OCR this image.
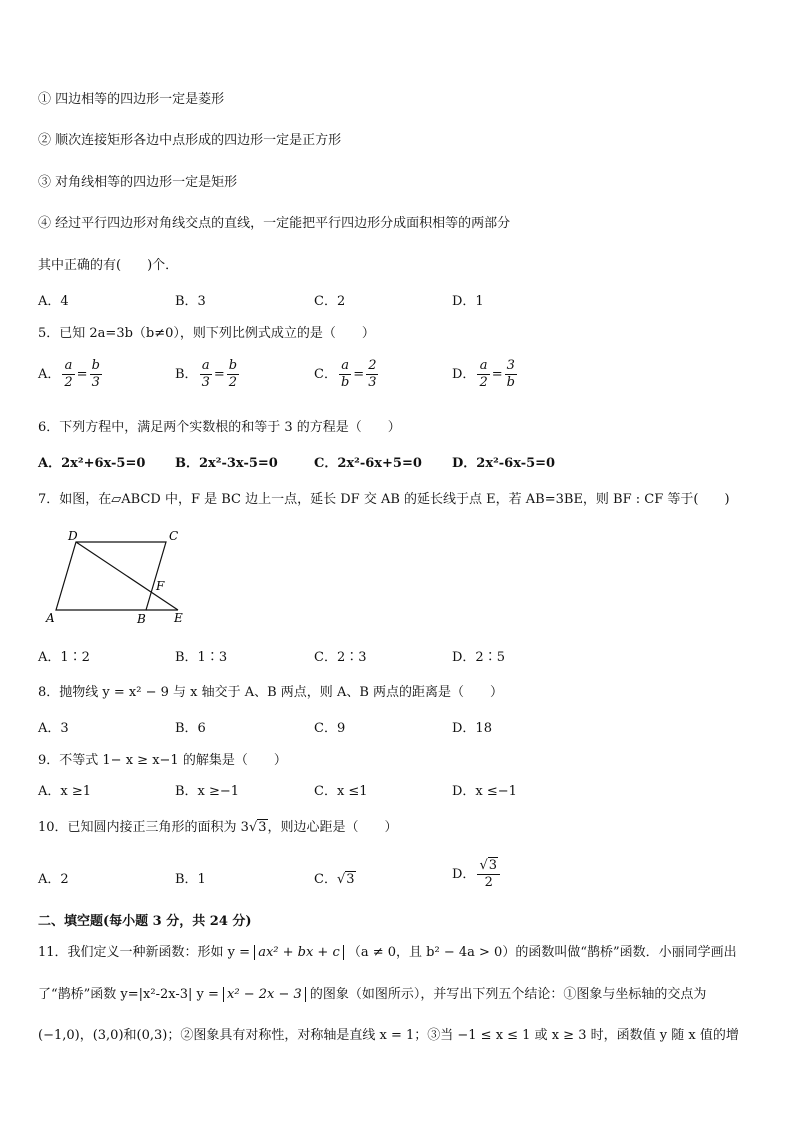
① 四边相等的四边形一定是菱形
② 顺次连接矩形各边中点形成的四边形一定是正方形
③ 对角线相等的四边形一定是矩形
④ 经过平行四边形对角线交点的直线，一定能把平行四边形分成面积相等的两部分
其中正确的有(　　)个．
A．4	B．3	C．2	D．1
5．已知 2a=3b（b≠0），则下列比例式成立的是（　　）
A． $\frac{a}{2} = \frac{b}{3}$	B． $\frac{a}{3} = \frac{b}{2}$	C． $\frac{a}{b} = \frac{2}{3}$	D． $\frac{a}{2} = \frac{3}{b}$
6．下列方程中，满足两个实数根的和等于 3 的方程是（　　）
A．2x²+6x-5=0 B．2x²-3x-5=0	C．2x²-6x+5=0 D．2x²-6x-5=0
7．如图，在▱ABCD 中，F 是 BC 边上一点，延长 DF 交 AB 的延长线于点 E，若 AB=3BE，则 BF : CF 等于(　　)
D	C
F
A	B E
A．1∶2	B．1∶3	C．2∶3	D．2∶5
8．抛物线 y = x² − 9 与 x 轴交于 A、B 两点，则 A、B 两点的距离是（　　）
A．3	B．6	C．9	D．18
9．不等式 1− x ≥ x−1 的解集是（　　）
A．x ≥1	B．x ≥−1	C．x ≤1	D．x ≤−1
10．已知圆内接正三角形的面积为 3√3，则边心距是（　　）
A．2	B．1	C．√3	D． $\frac{√3}{2}$
二、填空题(每小题 3 分，共 24 分)
11．我们定义一种新函数：形如 y = ax² + bx + c （a ≠ 0，且 b² − 4a > 0）的函数叫做“鹊桥”函数．小丽同学画出
了“鹊桥”函数 y=|x²-2x-3| y = x² − 2x − 3 的图象（如图所示），并写出下列五个结论：①图象与坐标轴的交点为
(−1,0)，(3,0)和(0,3)；②图象具有对称性，对称轴是直线 x = 1；③当 −1 ≤ x ≤ 1 或 x ≥ 3 时，函数值 y 随 x 值的增
